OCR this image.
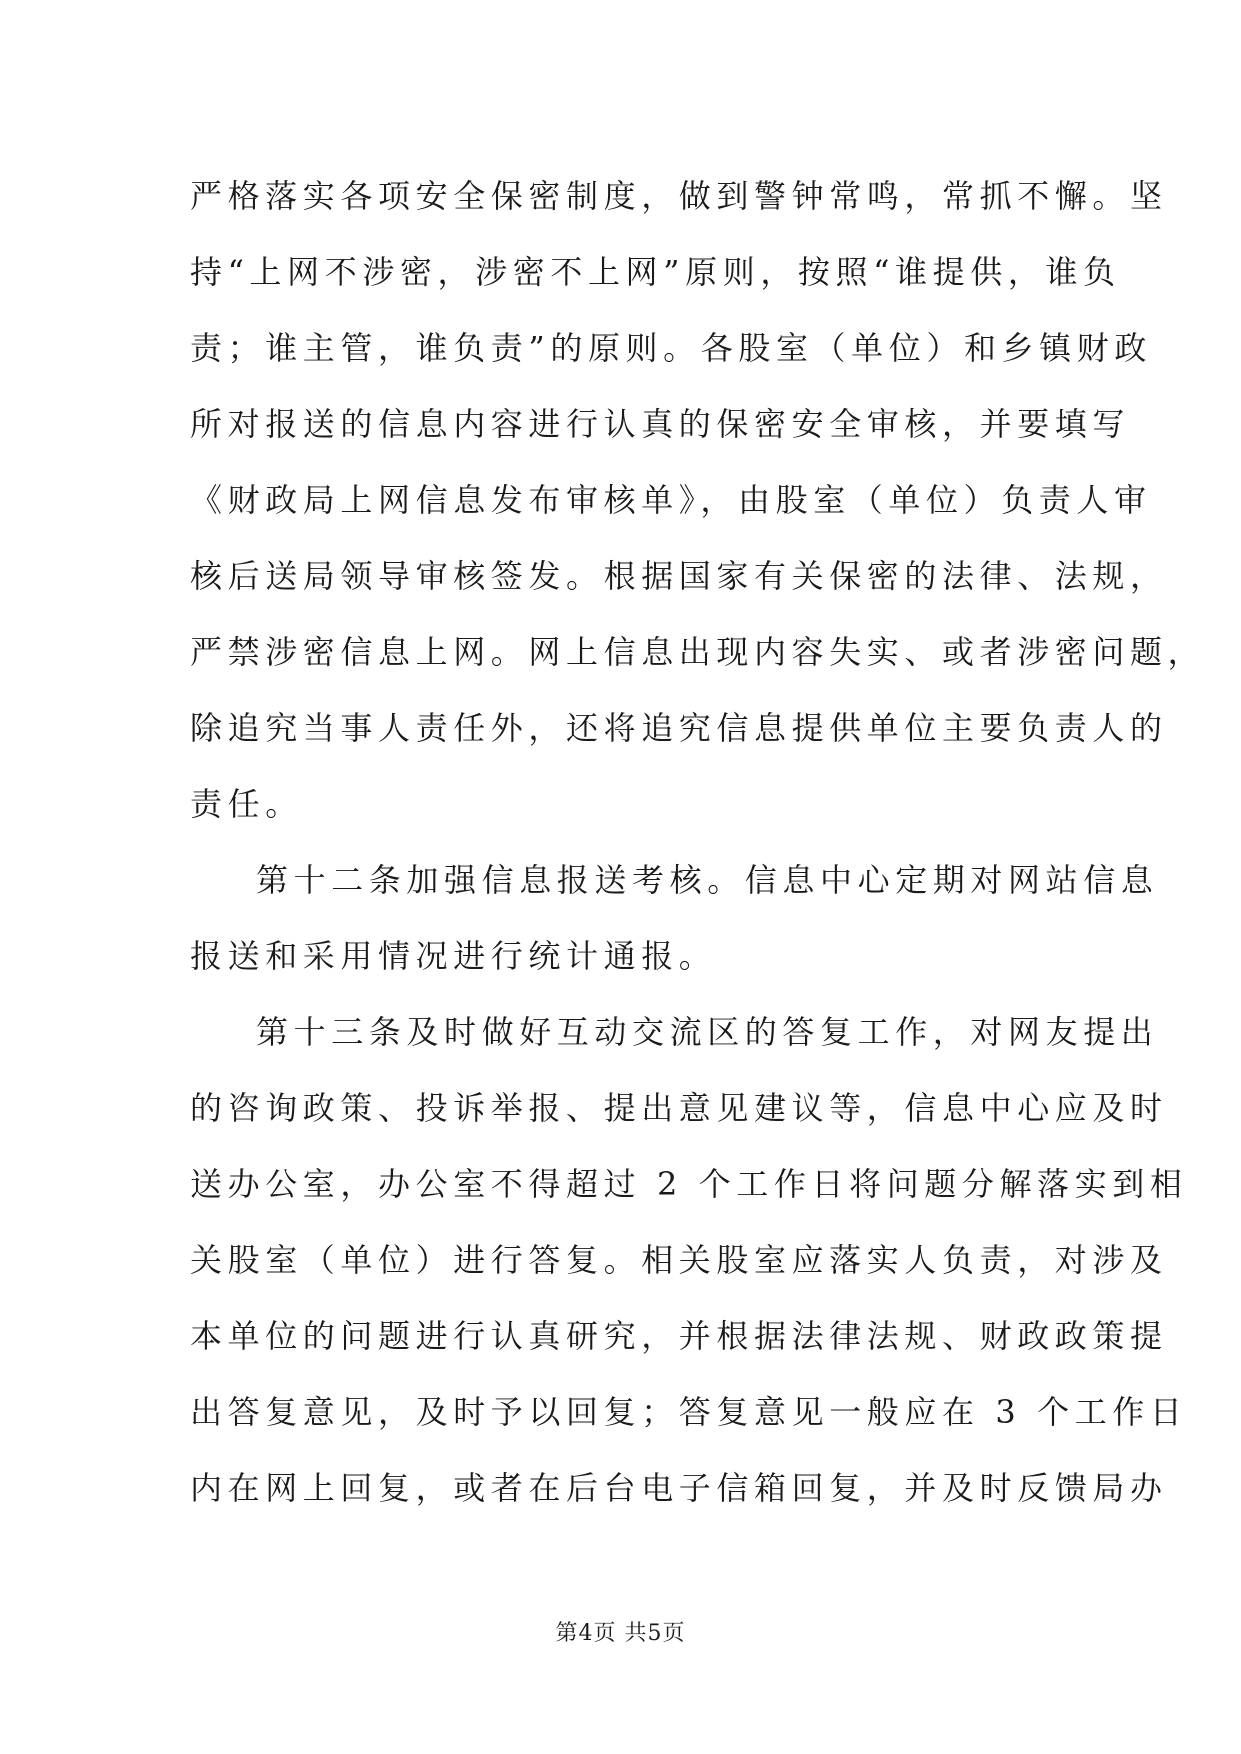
严格落实各项安全保密制度，做到警钟常鸣，常抓不懈。坚
持“上网不涉密，涉密不上网”原则，按照“谁提供，谁负
责；谁主管，谁负责”的原则。各股室（单位）和乡镇财政
所对报送的信息内容进行认真的保密安全审核，并要填写
《财政局上网信息发布审核单》，由股室（单位）负责人审
核后送局领导审核签发。根据国家有关保密的法律、法规，
严禁涉密信息上网。网上信息出现内容失实、或者涉密问题，
除追究当事人责任外，还将追究信息提供单位主要负责人的
责任。
第十二条加强信息报送考核。信息中心定期对网站信息
报送和采用情况进行统计通报。
第十三条及时做好互动交流区的答复工作，对网友提出
的咨询政策、投诉举报、提出意见建议等，信息中心应及时
送办公室，办公室不得超过 2 个工作日将问题分解落实到相
关股室（单位）进行答复。相关股室应落实人负责，对涉及
本单位的问题进行认真研究，并根据法律法规、财政政策提
出答复意见，及时予以回复；答复意见一般应在 3 个工作日
内在网上回复，或者在后台电子信箱回复，并及时反馈局办
第4页 共5页
